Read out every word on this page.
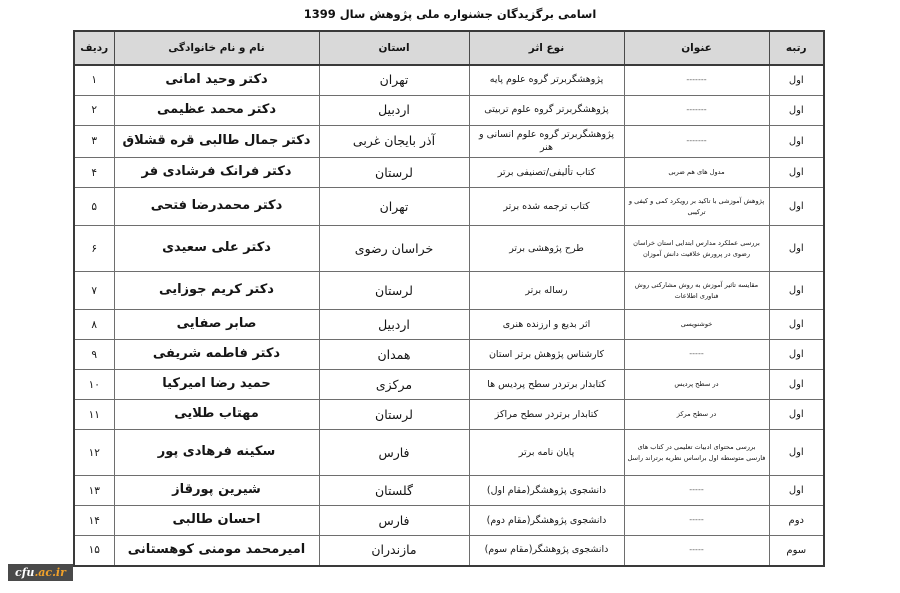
اسامی برگزیدگان جشنواره ملی پژوهش سال 1399
رتبه	عنوان	نوع اثر	استان	نام و نام خانوادگی	ردیف
اول	-------	پژوهشگربرتر گروه علوم پایه	تهران	دکتر وحید امانی	۱
اول	-------	پژوهشگربرتر گروه علوم تربیتی	اردبیل	دکتر محمد عظیمی	۲
اول	-------	پژوهشگربرتر گروه علوم انسانی و هنر	آذر بایجان غربی	دکتر جمال طالبی قره قشلاق	۳
اول	مدول های هم ضربی	کتاب تألیفی/تصنیفی برتر	لرستان	دکتر فرانک فرشادی فر	۴
اول	پژوهش آموزشی با تاکید بر رویکرد کمی و کیفی و ترکیبی	کتاب ترجمه شده برتر	تهران	دکتر محمدرضا فتحی	۵
اول	بررسی عملکرد مدارس ابتدایی استان خراسان رضوی در پرورش خلاقیت دانش آموزان	طرح پژوهشی برتر	خراسان رضوی	دکتر علی سعیدی	۶
اول	مقایسه تاثیر آموزش به روش مشارکتی روش فناوری اطلاعات	رساله برتر	لرستان	دکتر کریم جوزایی	۷
اول	خوشنویسی	اثر بدیع و ارزنده هنری	اردبیل	صابر صفایی	۸
اول	-----	کارشناس پژوهش برتر استان	همدان	دکتر فاطمه شریفی	۹
اول	در سطح پردیس	کتابدار برتردر سطح پردیس ها	مرکزی	حمید رضا امیرکیا	۱۰
اول	در سطح مرکز	کتابدار برتردر سطح مراکز	لرستان	مهتاب طلایی	۱۱
اول	بررسی محتوای ادبیات تعلیمی در کتاب های فارسی متوسطه اول براساس نظریه برتراند راسل	پایان نامه برتر	فارس	سکینه فرهادی پور	۱۲
اول	-----	دانشجوی پژوهشگر(مقام اول)	گلستان	شیرین پورقاز	۱۳
دوم	-----	دانشجوی پژوهشگر(مقام دوم)	فارس	احسان طالبی	۱۴
سوم	-----	دانشجوی پژوهشگر(مقام سوم)	مازندران	امیرمحمد مومنی کوهستانی	۱۵
cfu.ac.ir
